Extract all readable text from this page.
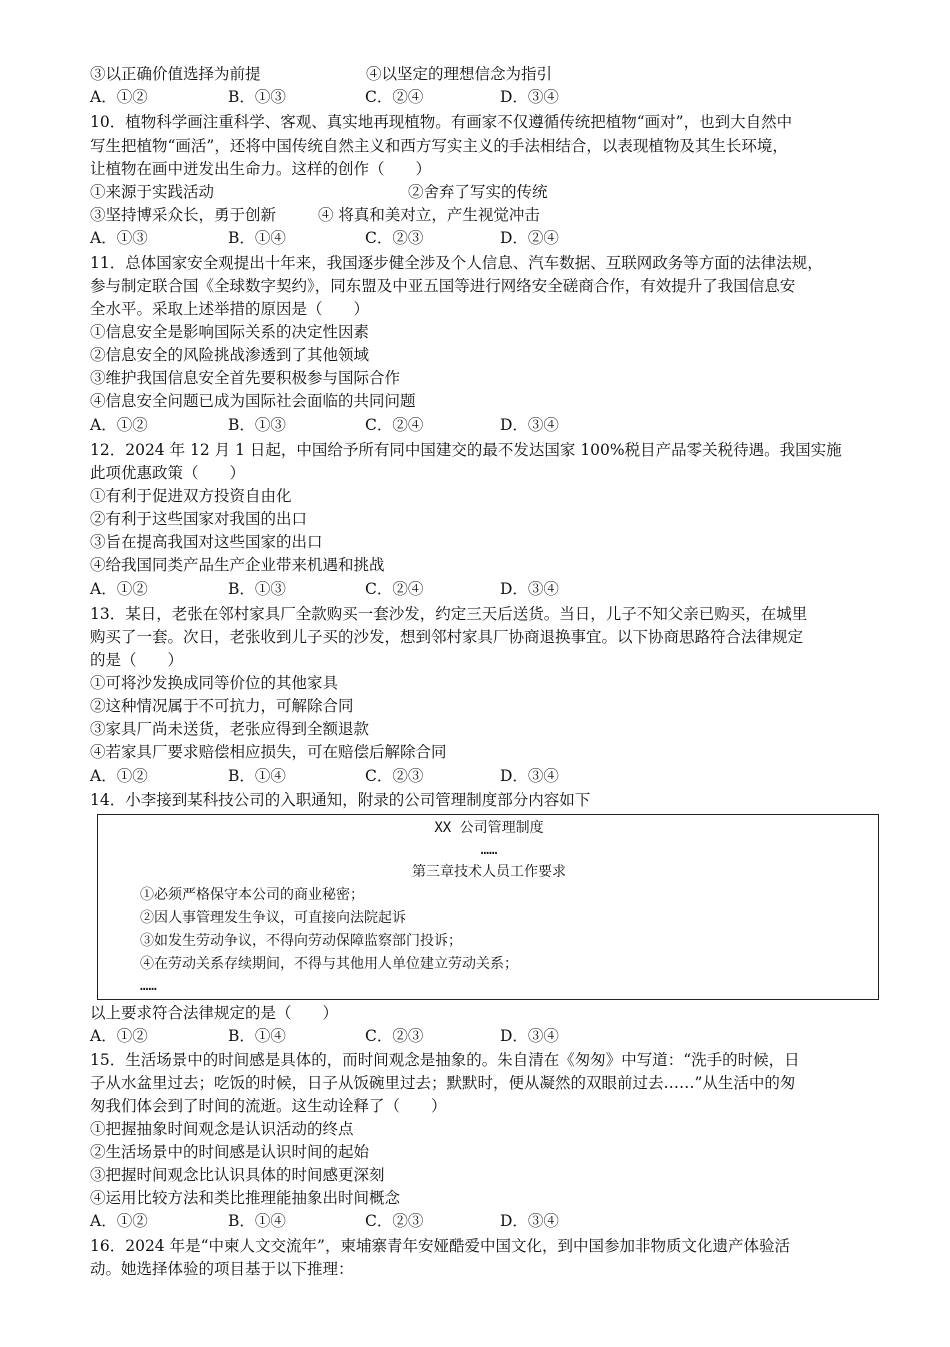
③以正确价值选择为前提	④以坚定的理想信念为指引
A．①②	B．①③	C．②④	D．③④
10．植物科学画注重科学、客观、真实地再现植物。有画家不仅遵循传统把植物“画对”，也到大自然中
写生把植物“画活”，还将中国传统自然主义和西方写实主义的手法相结合，以表现植物及其生长环境，
让植物在画中迸发出生命力。这样的创作（　　）
①来源于实践活动	②舍弃了写实的传统
③坚持博采众长，勇于创新	④ 将真和美对立，产生视觉冲击
A．①③	B．①④	C．②③	D．②④
11．总体国家安全观提出十年来，我国逐步健全涉及个人信息、汽车数据、互联网政务等方面的法律法规，
参与制定联合国《全球数字契约》，同东盟及中亚五国等进行网络安全磋商合作，有效提升了我国信息安
全水平。采取上述举措的原因是（　　）
①信息安全是影响国际关系的决定性因素
②信息安全的风险挑战渗透到了其他领域
③维护我国信息安全首先要积极参与国际合作
④信息安全问题已成为国际社会面临的共同问题
A．①②	B．①③	C．②④	D．③④
12．2024 年 12 月 1 日起，中国给予所有同中国建交的最不发达国家 100%税目产品零关税待遇。我国实施
此项优惠政策（　　）
①有利于促进双方投资自由化
②有利于这些国家对我国的出口
③旨在提高我国对这些国家的出口
④给我国同类产品生产企业带来机遇和挑战
A．①②	B．①③	C．②④	D．③④
13．某日，老张在邻村家具厂全款购买一套沙发，约定三天后送货。当日，儿子不知父亲已购买，在城里
购买了一套。次日，老张收到儿子买的沙发，想到邻村家具厂协商退换事宜。以下协商思路符合法律规定
的是（　　）
①可将沙发换成同等价位的其他家具
②这种情况属于不可抗力，可解除合同
③家具厂尚未送货，老张应得到全额退款
④若家具厂要求赔偿相应损失，可在赔偿后解除合同
A．①②	B．①④	C．②③	D．③④
14．小李接到某科技公司的入职通知，附录的公司管理制度部分内容如下
XX 公司管理制度
……
第三章技术人员工作要求
①必须严格保守本公司的商业秘密；
②因人事管理发生争议，可直接向法院起诉
③如发生劳动争议，不得向劳动保障监察部门投诉；
④在劳动关系存续期间，不得与其他用人单位建立劳动关系；
……
以上要求符合法律规定的是（　　）
A．①②	B．①④	C．②③	D．③④
15．生活场景中的时间感是具体的，而时间观念是抽象的。朱自清在《匆匆》中写道：“洗手的时候，日
子从水盆里过去；吃饭的时候，日子从饭碗里过去；默默时，便从凝然的双眼前过去……”从生活中的匆
匆我们体会到了时间的流逝。这生动诠释了（　　）
①把握抽象时间观念是认识活动的终点
②生活场景中的时间感是认识时间的起始
③把握时间观念比认识具体的时间感更深刻
④运用比较方法和类比推理能抽象出时间概念
A．①②	B．①④	C．②③	D．③④
16．2024 年是“中柬人文交流年”，柬埔寨青年安娅酷爱中国文化，到中国参加非物质文化遗产体验活
动。她选择体验的项目基于以下推理：
